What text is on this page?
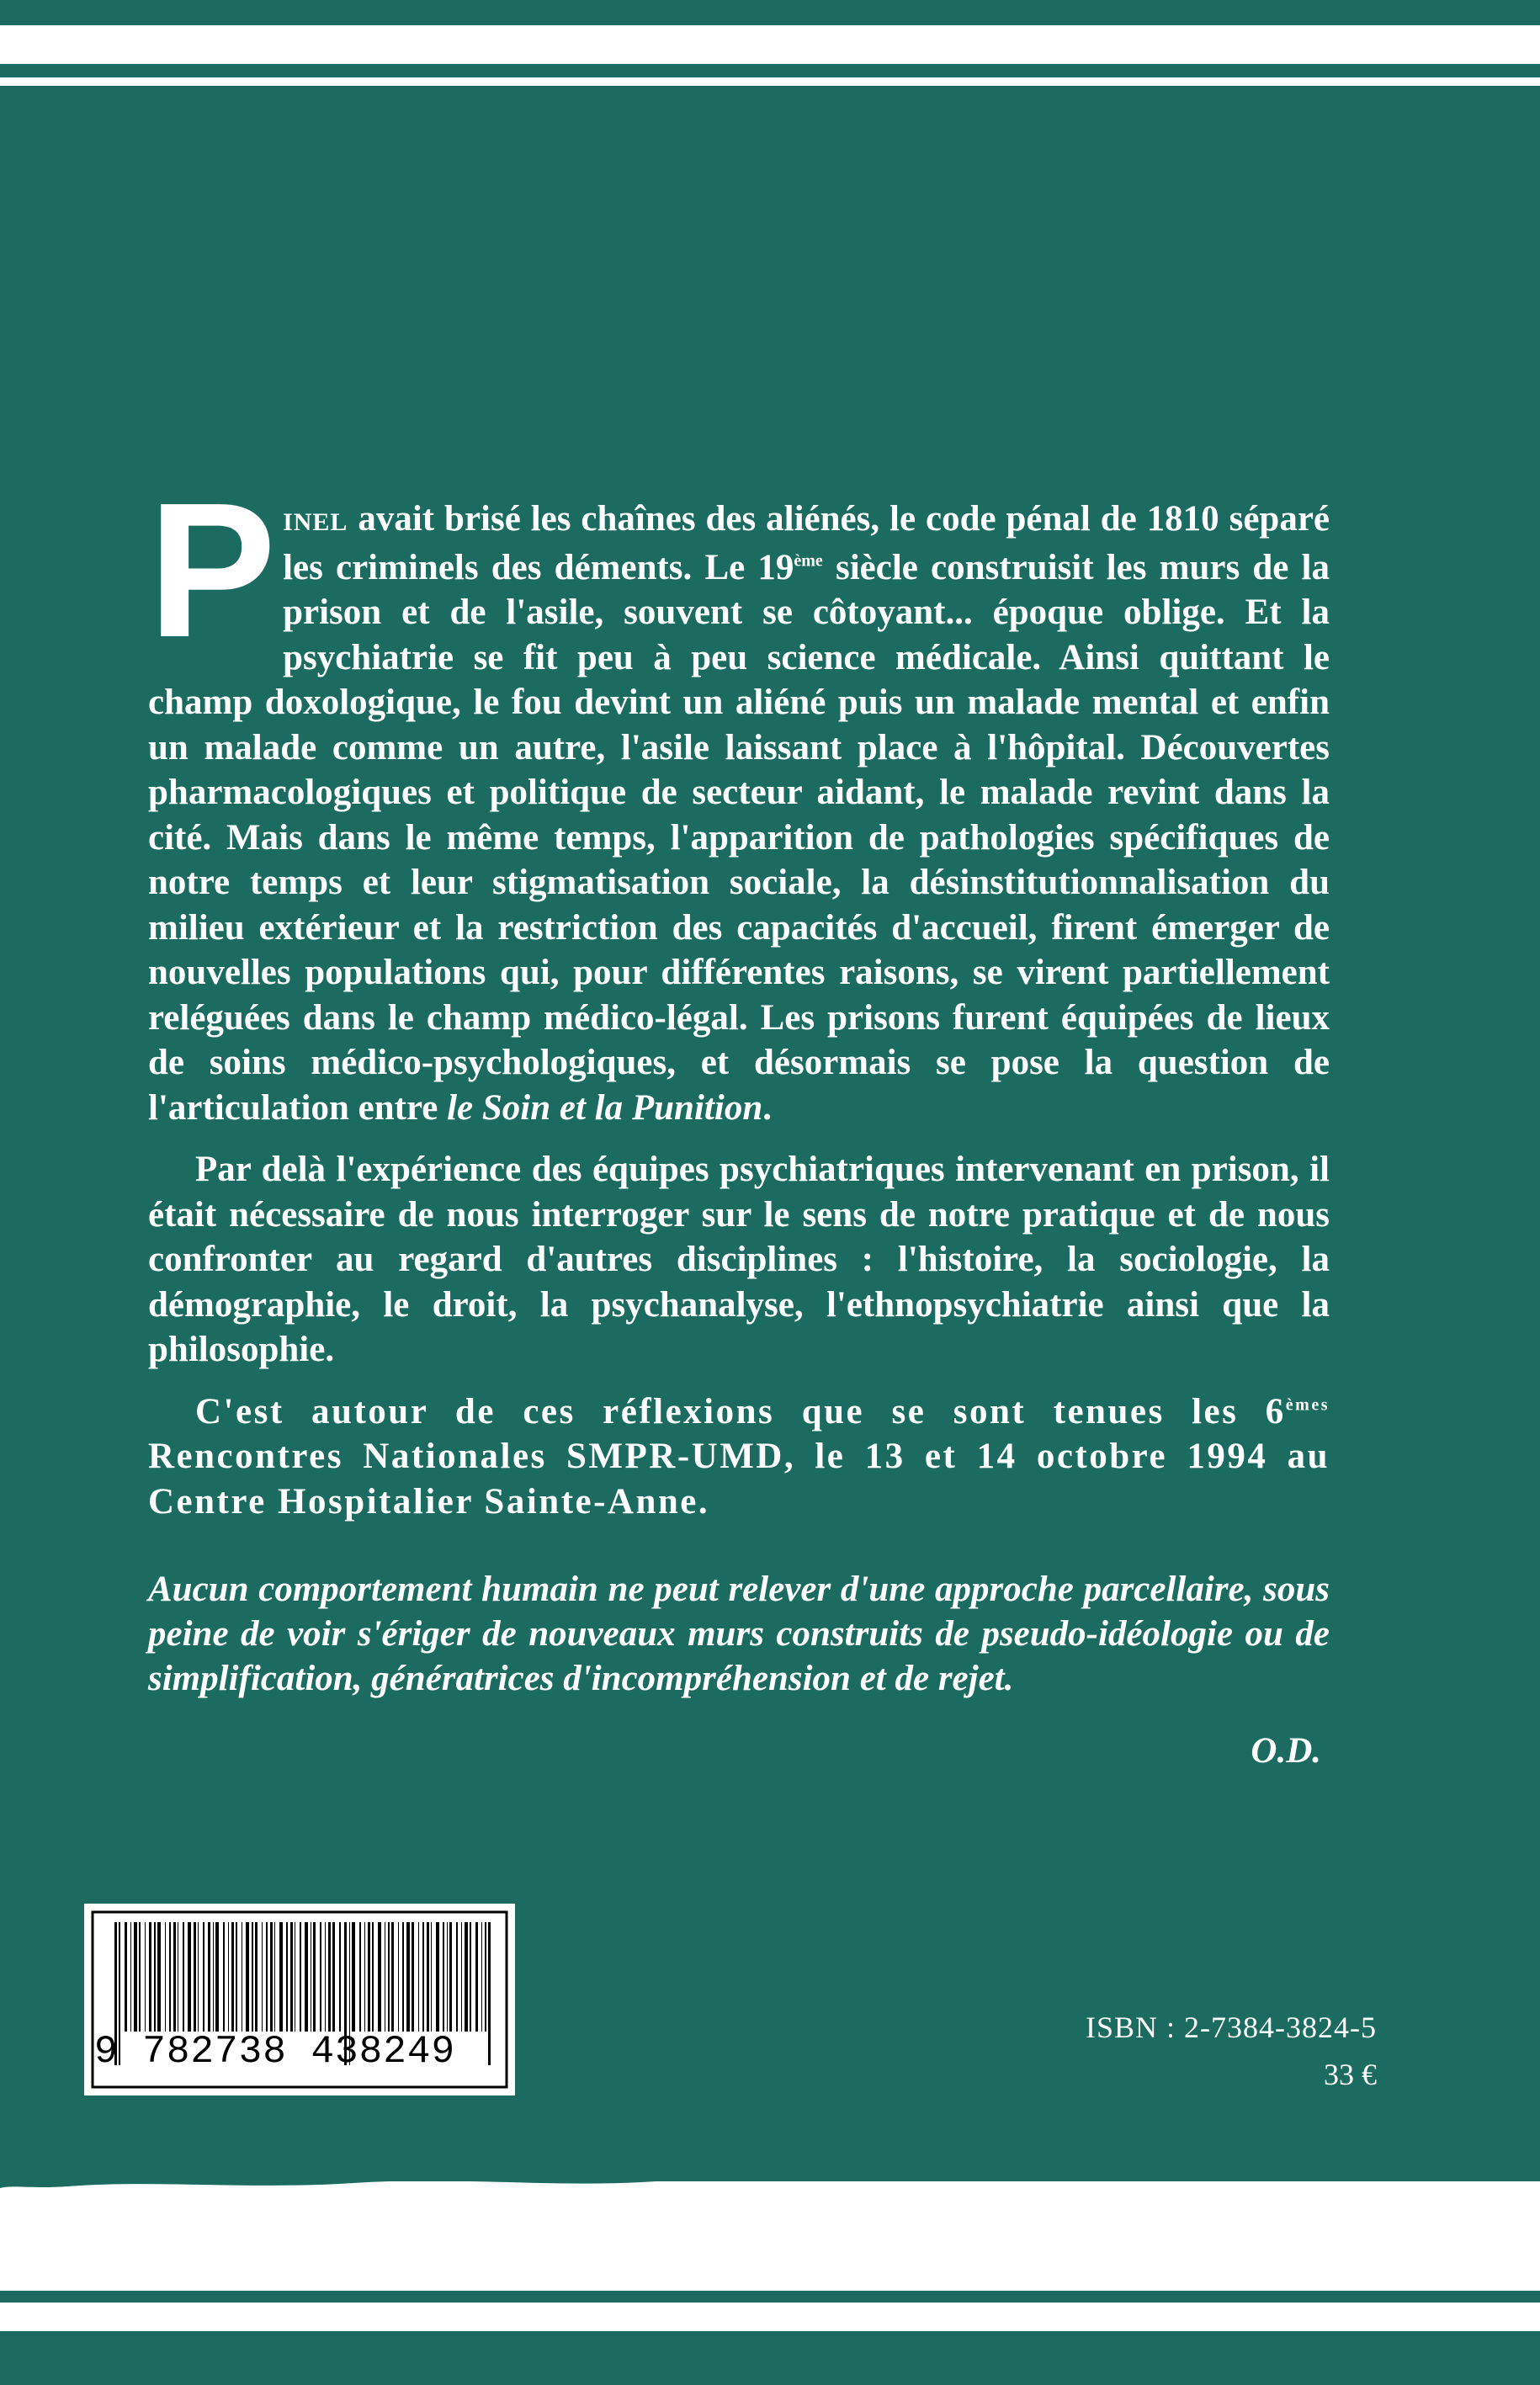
PINEL avait brisé les chaînes des aliénés, le code pénal de 1810 séparé les criminels des déments. Le 19ème siècle construisit les murs de la prison et de l'asile, souvent se côtoyant... époque oblige. Et la psychiatrie se fit peu à peu science médicale. Ainsi quittant le champ doxologique, le fou devint un aliéné puis un malade mental et enfin un malade comme un autre, l'asile laissant place à l'hôpital. Découvertes pharmacologiques et politique de secteur aidant, le malade revint dans la cité. Mais dans le même temps, l'apparition de pathologies spécifiques de notre temps et leur stigmatisation sociale, la désinstitutionnalisation du milieu extérieur et la restriction des capacités d'accueil, firent émerger de nouvelles populations qui, pour différentes raisons, se virent partiellement reléguées dans le champ médico-légal. Les prisons furent équipées de lieux de soins médico-psychologiques, et désormais se pose la question de l'articulation entre le Soin et la Punition.

Par delà l'expérience des équipes psychiatriques intervenant en prison, il était nécessaire de nous interroger sur le sens de notre pratique et de nous confronter au regard d'autres disciplines : l'histoire, la sociologie, la démographie, le droit, la psychanalyse, l'ethnopsychiatrie ainsi que la philosophie.

C'est autour de ces réflexions que se sont tenues les 6èmes Rencontres Nationales SMPR-UMD, le 13 et 14 octobre 1994 au Centre Hospitalier Sainte-Anne.

Aucun comportement humain ne peut relever d'une approche parcellaire, sous peine de voir s'ériger de nouveaux murs construits de pseudo-idéologie ou de simplification, génératrices d'incompréhension et de rejet.
O.D.
9 782738 438249
ISBN : 2-7384-3824-5
33 €
